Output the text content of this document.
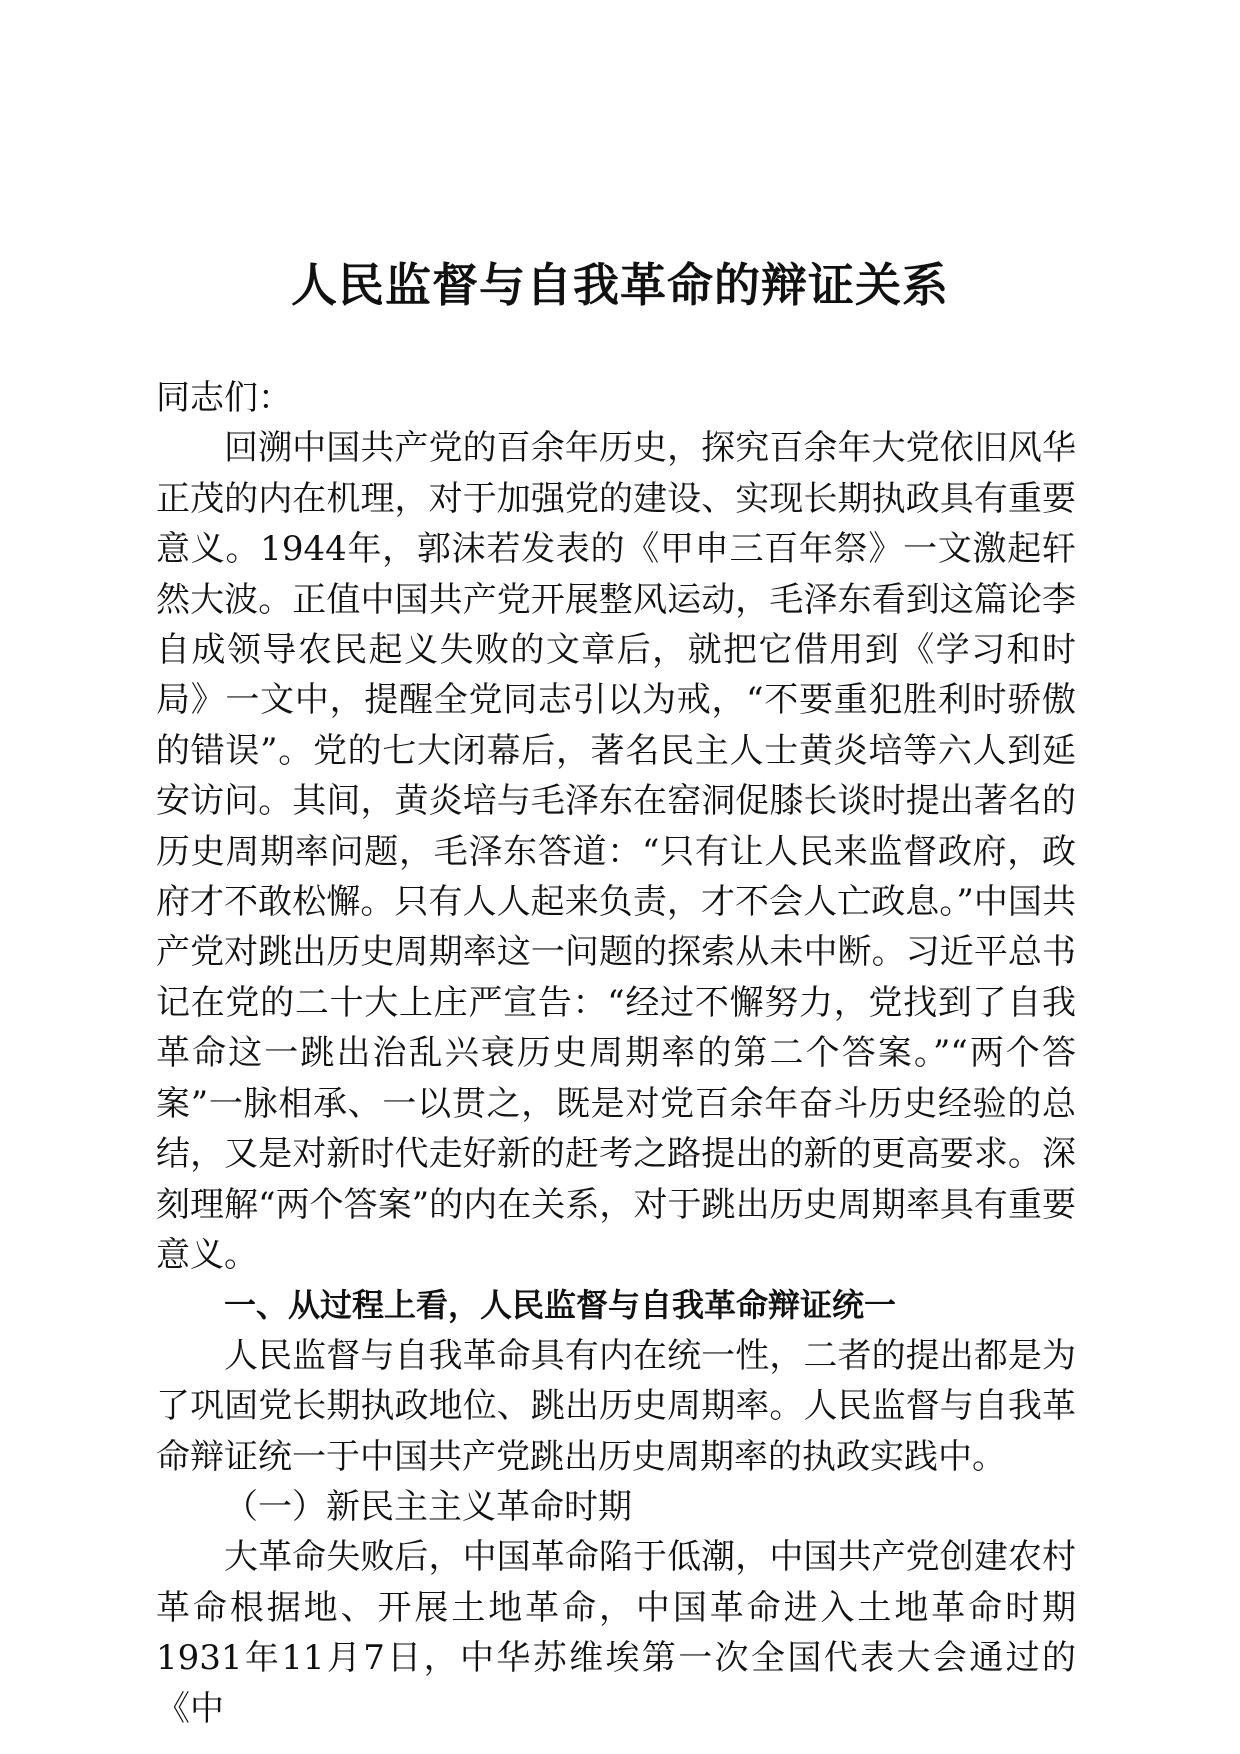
人民监督与自我革命的辩证关系

同志们：

回溯中国共产党的百余年历史，探究百余年大党依旧风华正茂的内在机理，对于加强党的建设、实现长期执政具有重要意义。1944年，郭沫若发表的《甲申三百年祭》一文激起轩然大波。正值中国共产党开展整风运动，毛泽东看到这篇论李自成领导农民起义失败的文章后，就把它借用到《学习和时局》一文中，提醒全党同志引以为戒，“不要重犯胜利时骄傲的错误”。党的七大闭幕后，著名民主人士黄炎培等六人到延安访问。其间，黄炎培与毛泽东在窑洞促膝长谈时提出著名的历史周期率问题，毛泽东答道：“只有让人民来监督政府，政府才不敢松懈。只有人人起来负责，才不会人亡政息。”中国共产党对跳出历史周期率这一问题的探索从未中断。习近平总书记在党的二十大上庄严宣告：“经过不懈努力，党找到了自我革命这一跳出治乱兴衰历史周期率的第二个答案。”“两个答案”一脉相承、一以贯之，既是对党百余年奋斗历史经验的总结，又是对新时代走好新的赶考之路提出的新的更高要求。深刻理解“两个答案”的内在关系，对于跳出历史周期率具有重要意义。

一、从过程上看，人民监督与自我革命辩证统一

人民监督与自我革命具有内在统一性，二者的提出都是为了巩固党长期执政地位、跳出历史周期率。人民监督与自我革命辩证统一于中国共产党跳出历史周期率的执政实践中。

（一）新民主主义革命时期

大革命失败后，中国革命陷于低潮，中国共产党创建农村革命根据地、开展土地革命，中国革命进入土地革命时期1931年11月7日，中华苏维埃第一次全国代表大会通过的《中
